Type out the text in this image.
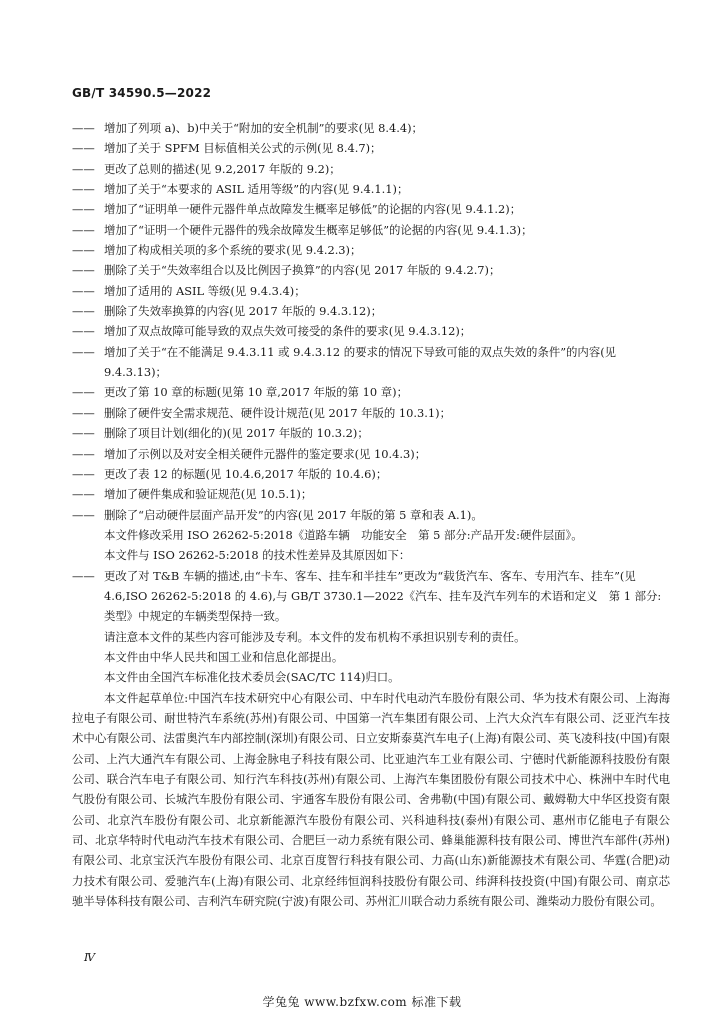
GB/T 34590.5—2022

—— 增加了列项 a)、b)中关于“附加的安全机制”的要求(见 8.4.4)；

—— 增加了关于 SPFM 目标值相关公式的示例(见 8.4.7)；

—— 更改了总则的描述(见 9.2,2017 年版的 9.2)；

—— 增加了关于“本要求的 ASIL 适用等级”的内容(见 9.4.1.1)；

—— 增加了“证明单一硬件元器件单点故障发生概率足够低”的论据的内容(见 9.4.1.2)；

—— 增加了“证明一个硬件元器件的残余故障发生概率足够低”的论据的内容(见 9.4.1.3)；

—— 增加了构成相关项的多个系统的要求(见 9.4.2.3)；

—— 删除了关于“失效率组合以及比例因子换算”的内容(见 2017 年版的 9.4.2.7)；

—— 增加了适用的 ASIL 等级(见 9.4.3.4)；

—— 删除了失效率换算的内容(见 2017 年版的 9.4.3.12)；

—— 增加了双点故障可能导致的双点失效可接受的条件的要求(见 9.4.3.12)；

—— 增加了关于“在不能满足 9.4.3.11 或 9.4.3.12 的要求的情况下导致可能的双点失效的条件”的内容(见 9.4.3.13)；

—— 更改了第 10 章的标题(见第 10 章,2017 年版的第 10 章)；

—— 删除了硬件安全需求规范、硬件设计规范(见 2017 年版的 10.3.1)；

—— 删除了项目计划(细化的)(见 2017 年版的 10.3.2)；

—— 增加了示例以及对安全相关硬件元器件的鉴定要求(见 10.4.3)；

—— 更改了表 12 的标题(见 10.4.6,2017 年版的 10.4.6)；

—— 增加了硬件集成和验证规范(见 10.5.1)；

—— 删除了“启动硬件层面产品开发”的内容(见 2017 年版的第 5 章和表 A.1)。

本文件修改采用 ISO 26262-5:2018《道路车辆　功能安全　第 5 部分:产品开发:硬件层面》。

本文件与 ISO 26262-5:2018 的技术性差异及其原因如下：

—— 更改了对 T&B 车辆的描述,由“卡车、客车、挂车和半挂车”更改为“载货汽车、客车、专用汽车、挂车”(见 4.6,ISO 26262-5:2018 的 4.6),与 GB/T 3730.1—2022《汽车、挂车及汽车列车的术语和定义　第 1 部分:类型》中规定的车辆类型保持一致。

请注意本文件的某些内容可能涉及专利。本文件的发布机构不承担识别专利的责任。

本文件由中华人民共和国工业和信息化部提出。

本文件由全国汽车标准化技术委员会(SAC/TC 114)归口。

本文件起草单位:中国汽车技术研究中心有限公司、中车时代电动汽车股份有限公司、华为技术有限公司、上海海拉电子有限公司、耐世特汽车系统(苏州)有限公司、中国第一汽车集团有限公司、上汽大众汽车有限公司、泛亚汽车技术中心有限公司、法雷奥汽车内部控制(深圳)有限公司、日立安斯泰莫汽车电子(上海)有限公司、英飞凌科技(中国)有限公司、上汽大通汽车有限公司、上海金脉电子科技有限公司、比亚迪汽车工业有限公司、宁德时代新能源科技股份有限公司、联合汽车电子有限公司、知行汽车科技(苏州)有限公司、上海汽车集团股份有限公司技术中心、株洲中车时代电气股份有限公司、长城汽车股份有限公司、宇通客车股份有限公司、舍弗勒(中国)有限公司、戴姆勒大中华区投资有限公司、北京汽车股份有限公司、北京新能源汽车股份有限公司、兴科迪科技(泰州)有限公司、惠州市亿能电子有限公司、北京华特时代电动汽车技术有限公司、合肥巨一动力系统有限公司、蜂巢能源科技有限公司、博世汽车部件(苏州)有限公司、北京宝沃汽车股份有限公司、北京百度智行科技有限公司、力高(山东)新能源技术有限公司、华霆(合肥)动力技术有限公司、爱驰汽车(上海)有限公司、北京经纬恒润科技股份有限公司、纬湃科技投资(中国)有限公司、南京芯驰半导体科技有限公司、吉利汽车研究院(宁波)有限公司、苏州汇川联合动力系统有限公司、潍柴动力股份有限公司。

Ⅳ
学兔兔 www.bzfxw.com 标准下载
